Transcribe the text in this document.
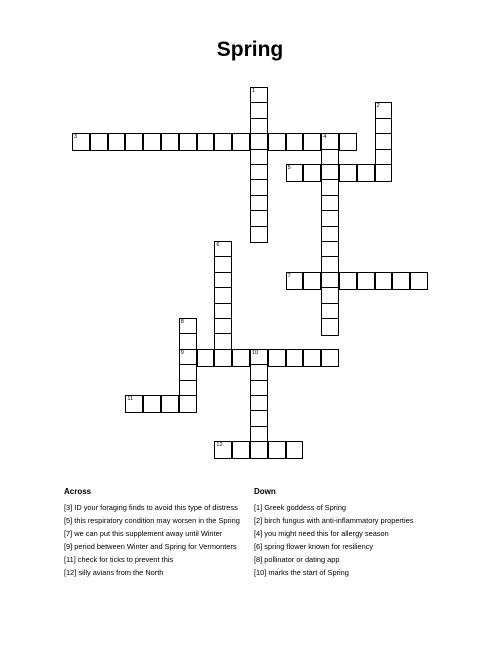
Spring
1
2
3	4
5
6
7
8
9	10
11
12
Across
[3] ID your foraging finds to avoid this type of distress
[5] this respiratory condition may worsen in the Spring
[7] we can put this supplement away until Winter
[9] period between Winter and Spring for Vermonters
[11] check for ticks to prevent this
[12] silly avians from the North
Down
[1] Greek goddess of Spring
[2] birch fungus with anti-inflammatory properties
[4] you might need this for allergy season
[6] spring flower known for resiliency
[8] pollinator or dating app
[10] marks the start of Spring
